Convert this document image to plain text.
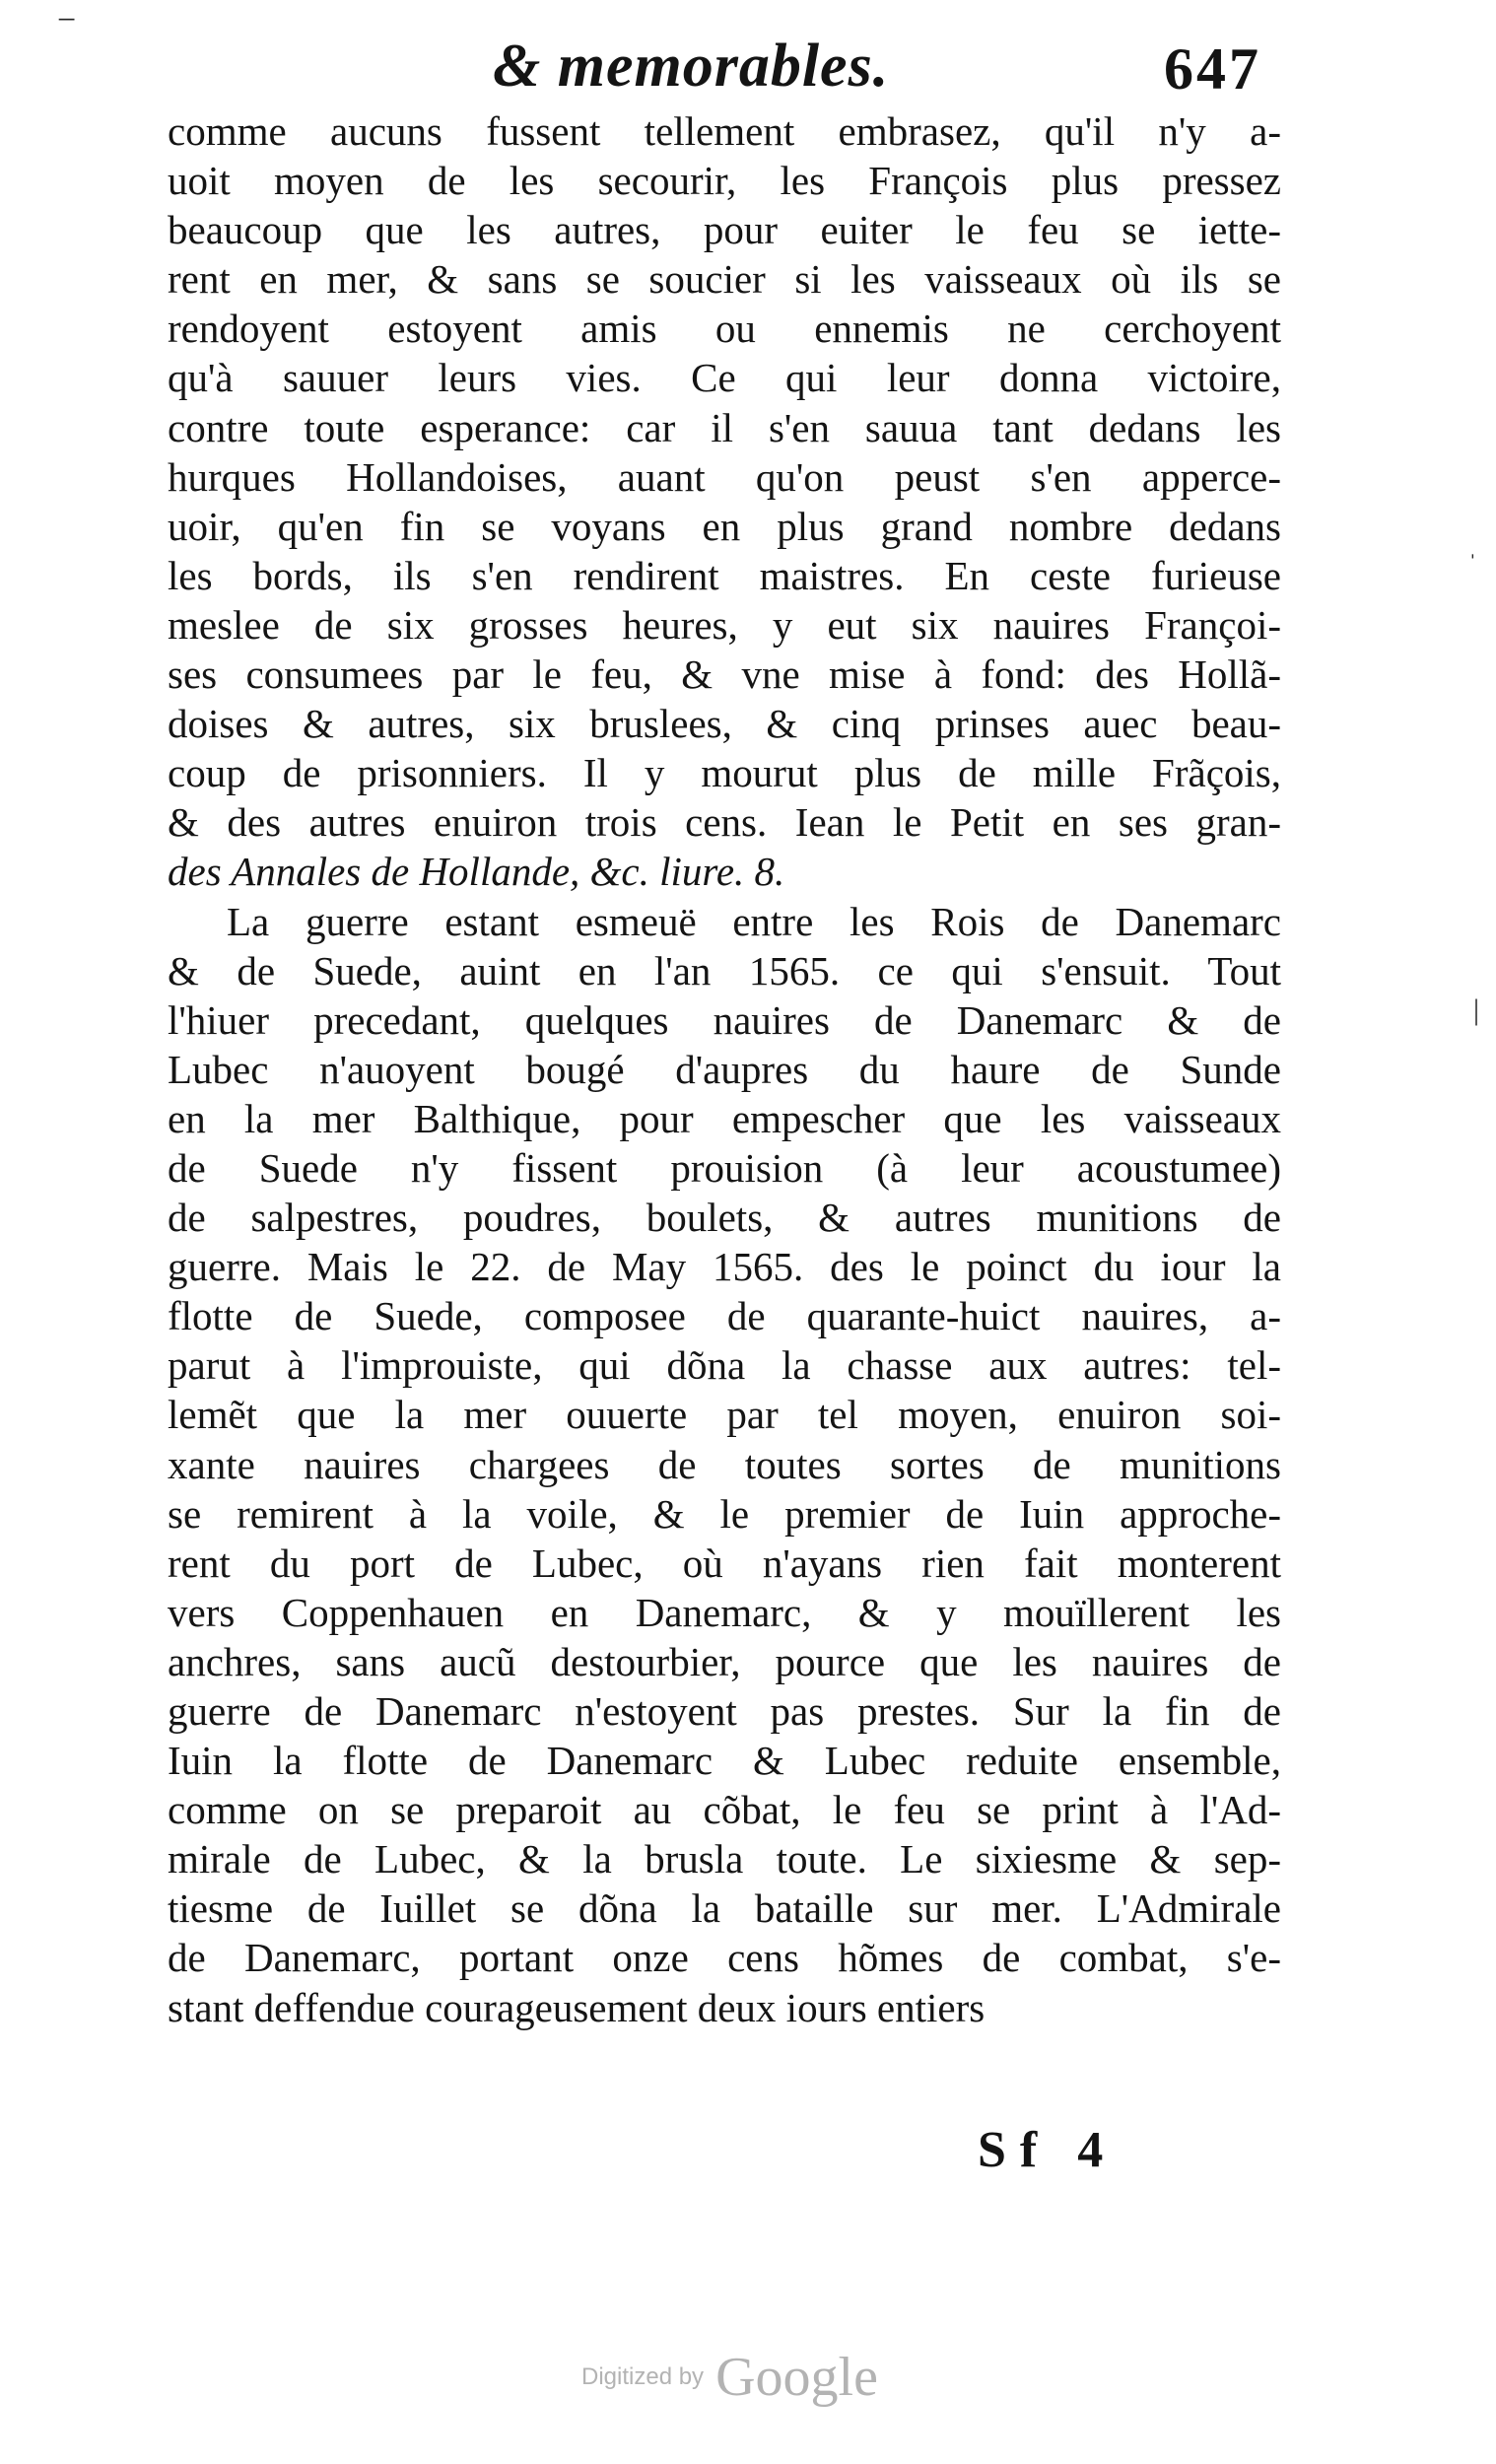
−
ˈ
|
& memorables.	647
comme aucuns fussent tellement embrasez, qu'il n'y a-
uoit moyen de les secourir, les François plus pressez
beaucoup que les autres, pour euiter le feu se iette-
rent en mer, & sans se soucier si les vaisseaux où ils se
rendoyent estoyent amis ou ennemis ne cerchoyent
qu'à sauuer leurs vies. Ce qui leur donna victoire,
contre toute esperance: car il s'en sauua tant dedans les
hurques Hollandoises, auant qu'on peust s'en apperce-
uoir, qu'en fin se voyans en plus grand nombre dedans
les bords, ils s'en rendirent maistres. En ceste furieuse
meslee de six grosses heures, y eut six nauires Françoi-
ses consumees par le feu, & vne mise à fond: des Hollã-
doises & autres, six bruslees, & cinq prinses auec beau-
coup de prisonniers. Il y mourut plus de mille Frãçois,
& des autres enuiron trois cens. Iean le Petit en ses gran-
des Annales de Hollande, &c. liure. 8.
La guerre estant esmeuë entre les Rois de Danemarc
& de Suede, auint en l'an 1565. ce qui s'ensuit. Tout
l'hiuer precedant, quelques nauires de Danemarc & de
Lubec n'auoyent bougé d'aupres du haure de Sunde
en la mer Balthique, pour empescher que les vaisseaux
de Suede n'y fissent prouision (à leur acoustumee)
de salpestres, poudres, boulets, & autres munitions de
guerre. Mais le 22. de May 1565. des le poinct du iour la
flotte de Suede, composee de quarante-huict nauires, a-
parut à l'improuiste, qui dõna la chasse aux autres: tel-
lemẽt que la mer ouuerte par tel moyen, enuiron soi-
xante nauires chargees de toutes sortes de munitions
se remirent à la voile, & le premier de Iuin approche-
rent du port de Lubec, où n'ayans rien fait monterent
vers Coppenhauen en Danemarc, & y mouïllerent les
anchres, sans aucũ destourbier, pource que les nauires de
guerre de Danemarc n'estoyent pas prestes. Sur la fin de
Iuin la flotte de Danemarc & Lubec reduite ensemble,
comme on se preparoit au cõbat, le feu se print à l'Ad-
mirale de Lubec, & la brusla toute. Le sixiesme & sep-
tiesme de Iuillet se dõna la bataille sur mer. L'Admirale
de Danemarc, portant onze cens hõmes de combat, s'e-
stant deffendue courageusement deux iours entiers
Sf 4
Digitized by Google
